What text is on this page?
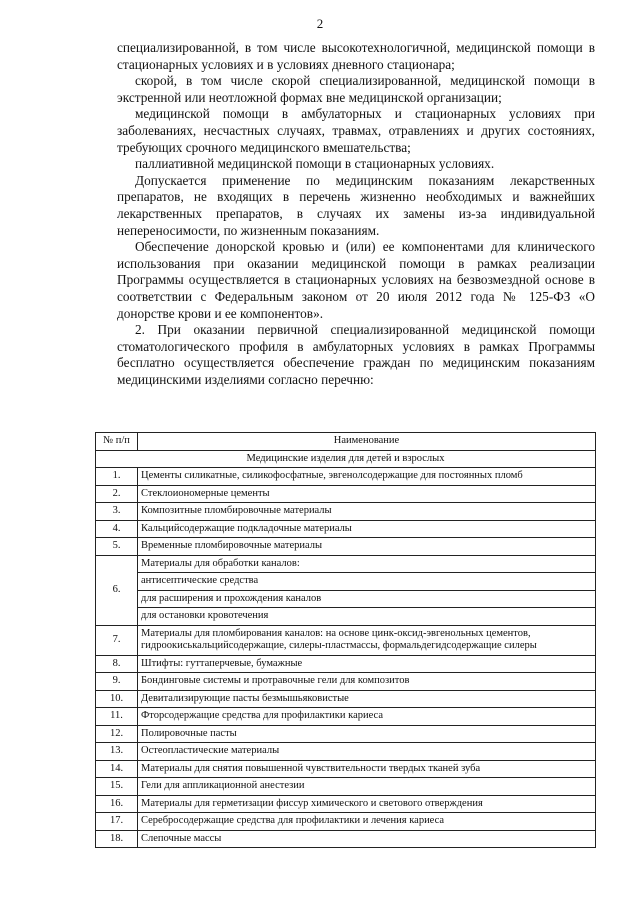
2

специализированной, в том числе высокотехнологичной, медицинской помощи в стационарных условиях и в условиях дневного стационара;

скорой, в том числе скорой специализированной, медицинской помощи в экстренной или неотложной формах вне медицинской организации;

медицинской помощи в амбулаторных и стационарных условиях при заболеваниях, несчастных случаях, травмах, отравлениях и других состояниях, требующих срочного медицинского вмешательства;

паллиативной медицинской помощи в стационарных условиях.

Допускается применение по медицинским показаниям лекарственных препаратов, не входящих в перечень жизненно необходимых и важнейших лекарственных препаратов, в случаях их замены из-за индивидуальной непереносимости, по жизненным показаниям.

Обеспечение донорской кровью и (или) ее компонентами для клинического использования при оказании медицинской помощи в рамках реализации Программы осуществляется в стационарных условиях на безвозмездной основе в соответствии с Федеральным законом от 20 июля 2012 года № 125-ФЗ «О донорстве крови и ее компонентов».

2. При оказании первичной специализированной медицинской помощи стоматологического профиля в амбулаторных условиях в рамках Программы бесплатно осуществляется обеспечение граждан по медицинским показаниям медицинскими изделиями согласно перечню:

№ п/п	Наименование
Медицинские изделия для детей и взрослых	
1.	Цементы силикатные, силикофосфатные, эвгенолсодержащие для постоянных пломб
2.	Стеклоиономерные цементы
3.	Композитные пломбировочные материалы
4.	Кальцийсодержащие подкладочные материалы
5.	Временные пломбировочные материалы
6.	Материалы для обработки каналов:
	антисептические средства
	для расширения и прохождения каналов
	для остановки кровотечения
7.	Материалы для пломбирования каналов: на основе цинк-оксид-эвгенольных цементов, гидроокиськальцийсодержащие, силеры-пластмассы, формальдегидсодержащие силеры
8.	Штифты: гуттаперчевые, бумажные
9.	Бондинговые системы и протравочные гели для композитов
10.	Девитализирующие пасты безмышьяковистые
11.	Фторсодержащие средства для профилактики кариеса
12.	Полировочные пасты
13.	Остеопластические материалы
14.	Материалы для снятия повышенной чувствительности твердых тканей зуба
15.	Гели для аппликационной анестезии
16.	Материалы для герметизации фиссур химического и светового отверждения
17.	Серебросодержащие средства для профилактики и лечения кариеса
18.	Слепочные массы
